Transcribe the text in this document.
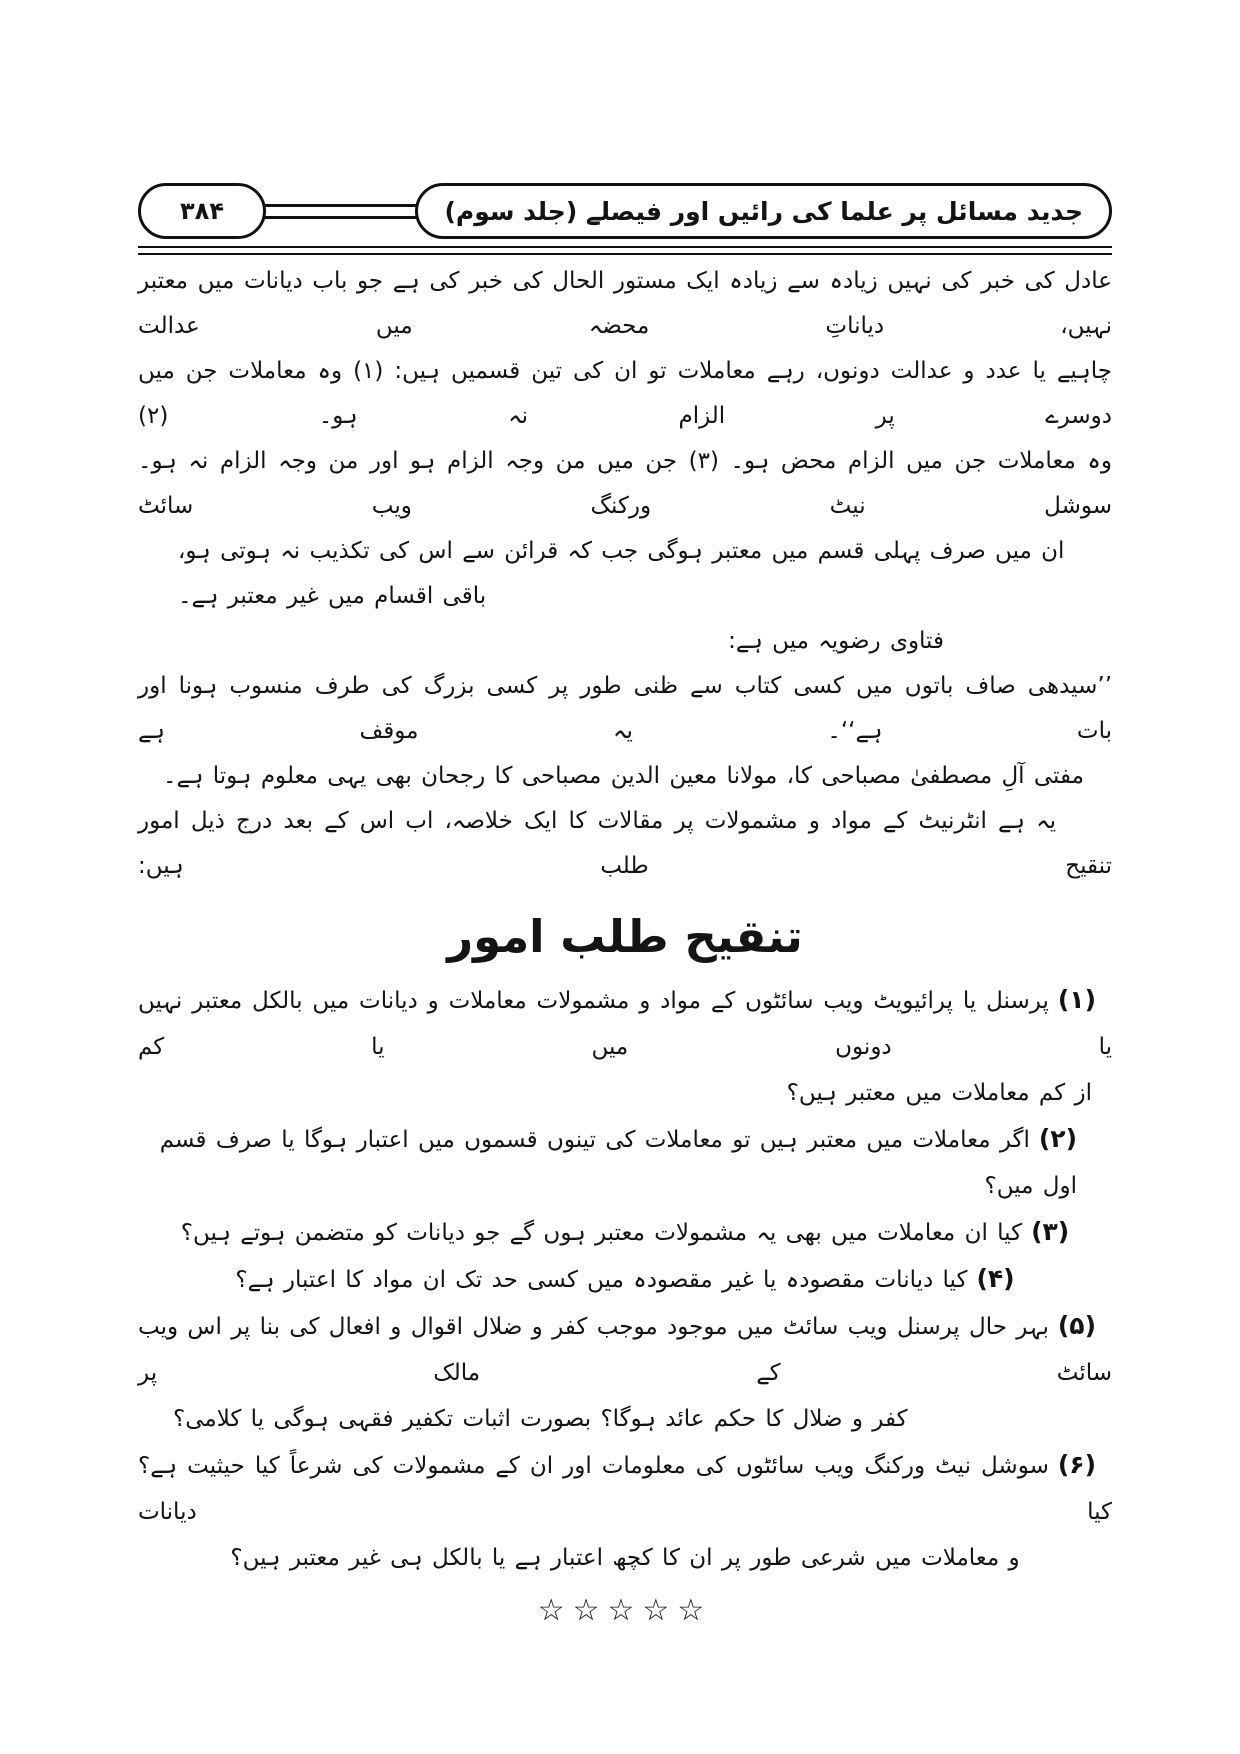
جدید مسائل پر علما کی رائیں اور فیصلے (جلد سوم)
۳۸۴

عادل کی خبر کی نہیں زیادہ سے زیادہ ایک مستور الحال کی خبر کی ہے جو باب دیانات میں معتبر نہیں، دیاناتِ محضہ میں عدالت

چاہیے یا عدد و عدالت دونوں، رہے معاملات تو ان کی تین قسمیں ہیں: (۱) وہ معاملات جن میں دوسرے پر الزام نہ ہو۔ (۲)

وہ معاملات جن میں الزام محض ہو۔ (۳) جن میں من وجہ الزام ہو اور من وجہ الزام نہ ہو۔ سوشل نیٹ ورکنگ ویب سائٹ

ان میں صرف پہلی قسم میں معتبر ہوگی جب کہ قرائن سے اس کی تکذیب نہ ہوتی ہو، باقی اقسام میں غیر معتبر ہے۔

فتاوی رضویہ میں ہے:

’’سیدھی صاف باتوں میں کسی کتاب سے ظنی طور پر کسی بزرگ کی طرف منسوب ہونا اور بات ہے‘‘۔ یہ موقف ہے

مفتی آلِ مصطفیٰ مصباحی کا، مولانا معین الدین مصباحی کا رجحان بھی یہی معلوم ہوتا ہے۔

یہ ہے انٹرنیٹ کے مواد و مشمولات پر مقالات کا ایک خلاصہ، اب اس کے بعد درج ذیل امور تنقیح طلب ہیں:

تنقیح طلب امور

(۱)پرسنل یا پرائیویٹ ویب سائٹوں کے مواد و مشمولات معاملات و دیانات میں بالکل معتبر نہیں یا دونوں میں یا کم

از کم معاملات میں معتبر ہیں؟

(۲)اگر معاملات میں معتبر ہیں تو معاملات کی تینوں قسموں میں اعتبار ہوگا یا صرف قسم اول میں؟

(۳)کیا ان معاملات میں بھی یہ مشمولات معتبر ہوں گے جو دیانات کو متضمن ہوتے ہیں؟

(۴)کیا دیانات مقصودہ یا غیر مقصودہ میں کسی حد تک ان مواد کا اعتبار ہے؟

(۵)بہر حال پرسنل ویب سائٹ میں موجود موجب کفر و ضلال اقوال و افعال کی بنا پر اس ویب سائٹ کے مالک پر

کفر و ضلال کا حکم عائد ہوگا؟ بصورت اثبات تکفیر فقہی ہوگی یا کلامی؟

(۶)سوشل نیٹ ورکنگ ویب سائٹوں کی معلومات اور ان کے مشمولات کی شرعاً کیا حیثیت ہے؟ کیا دیانات

و معاملات میں شرعی طور پر ان کا کچھ اعتبار ہے یا بالکل ہی غیر معتبر ہیں؟

☆☆☆☆☆
